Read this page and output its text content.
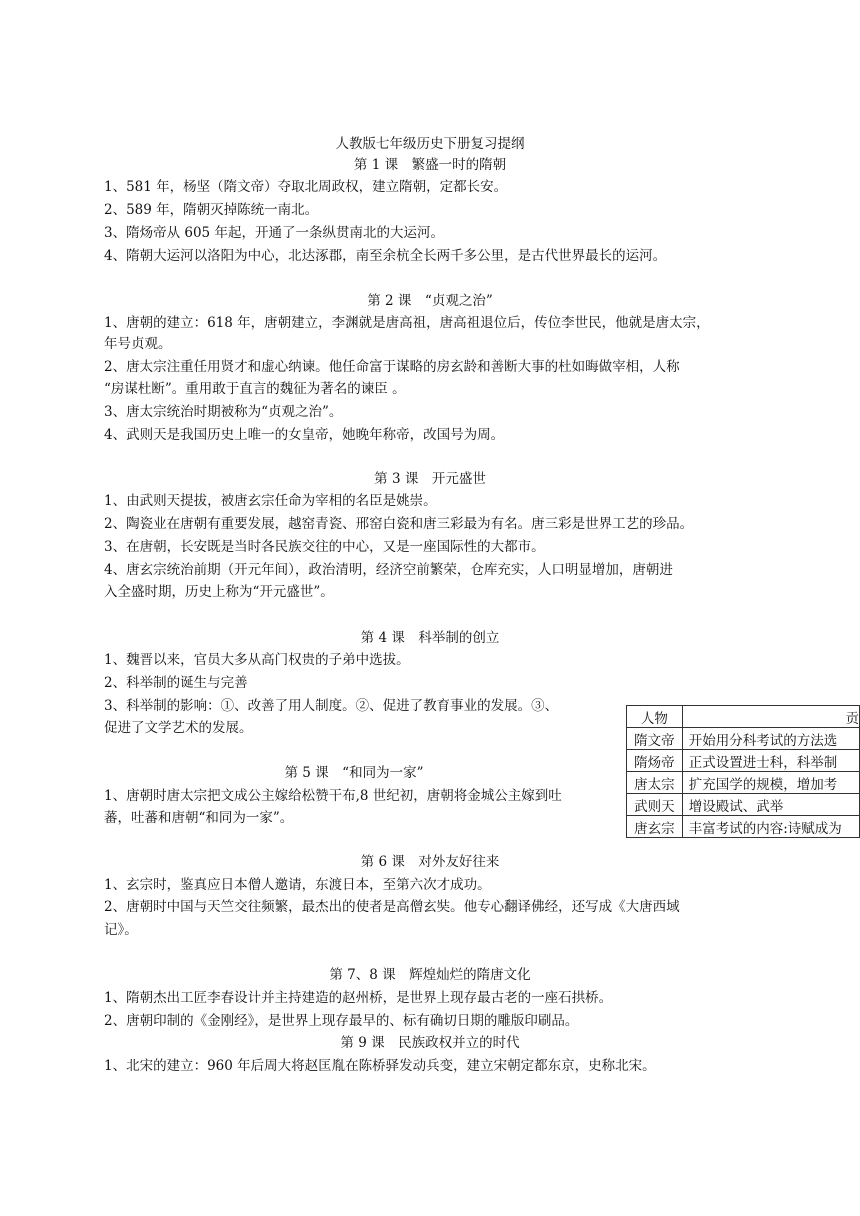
人教版七年级历史下册复习提纲
第 1 课　繁盛一时的隋朝
1、581 年，杨坚（隋文帝）夺取北周政权，建立隋朝，定都长安。
2、589 年，隋朝灭掉陈统一南北。
3、隋炀帝从 605 年起，开通了一条纵贯南北的大运河。
4、隋朝大运河以洛阳为中心，北达涿郡，南至余杭全长两千多公里，是古代世界最长的运河。
第 2 课　“贞观之治”
1、唐朝的建立：618 年，唐朝建立，李渊就是唐高祖，唐高祖退位后，传位李世民，他就是唐太宗，
年号贞观。
2、唐太宗注重任用贤才和虚心纳谏。他任命富于谋略的房玄龄和善断大事的杜如晦做宰相，人称
“房谋杜断”。重用敢于直言的魏征为著名的谏臣 。
3、唐太宗统治时期被称为“贞观之治”。
4、武则天是我国历史上唯一的女皇帝，她晚年称帝，改国号为周。
第 3 课　开元盛世
1、由武则天提拔，被唐玄宗任命为宰相的名臣是姚崇。
2、陶瓷业在唐朝有重要发展，越窑青瓷、邢窑白瓷和唐三彩最为有名。唐三彩是世界工艺的珍品。
3、在唐朝，长安既是当时各民族交往的中心，又是一座国际性的大都市。
4、唐玄宗统治前期（开元年间），政治清明，经济空前繁荣，仓库充实，人口明显增加，唐朝进
入全盛时期，历史上称为“开元盛世”。
第 4 课　科举制的创立
1、魏晋以来，官员大多从高门权贵的子弟中选拔。
2、科举制的诞生与完善
3、科举制的影响：①、改善了用人制度。②、促进了教育事业的发展。③、
促进了文学艺术的发展。
第 5 课　“和同为一家”
1、唐朝时唐太宗把文成公主嫁给松赞干布,8 世纪初，唐朝将金城公主嫁到吐
蕃，吐蕃和唐朝“和同为一家”。
第 6 课　对外友好往来
1、玄宗时，鉴真应日本僧人邀请，东渡日本，至第六次才成功。
2、唐朝时中国与天竺交往频繁，最杰出的使者是高僧玄奘。他专心翻译佛经，还写成《大唐西域
记》。
第 7、8 课　辉煌灿烂的隋唐文化
1、隋朝杰出工匠李春设计并主持建造的赵州桥，是世界上现存最古老的一座石拱桥。
2、唐朝印制的《金刚经》，是世界上现存最早的、标有确切日期的雕版印刷品。
第 9 课　民族政权并立的时代
1、北宋的建立：960 年后周大将赵匡胤在陈桥驿发动兵变，建立宋朝定都东京，史称北宋。
人物	贡
隋文帝	开始用分科考试的方法选
隋炀帝	正式设置进士科，科举制
唐太宗	扩充国学的规模，增加考
武则天	增设殿试、武举
唐玄宗	丰富考试的内容:诗赋成为
